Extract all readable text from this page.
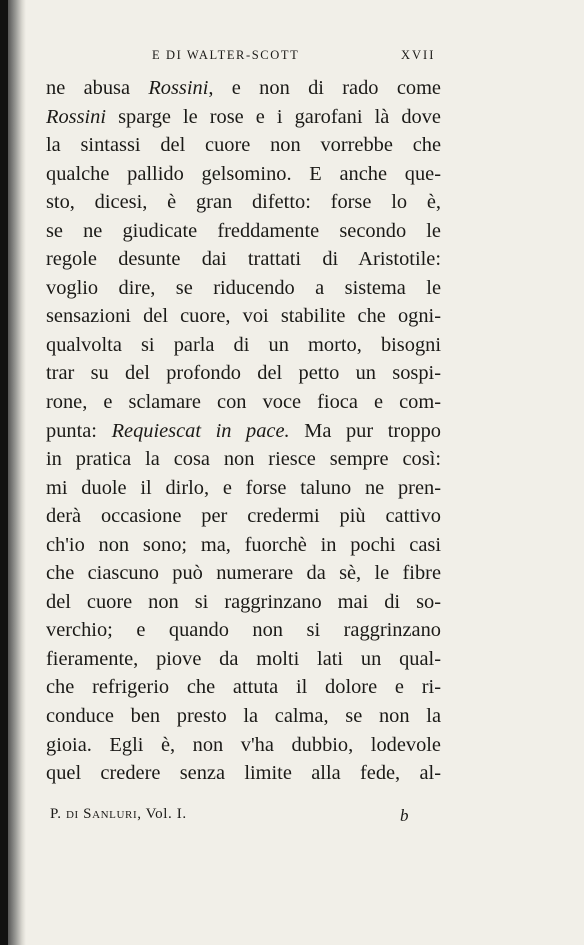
E DI WALTER-SCOTT	XVII
ne abusa Rossini, e non di rado come
Rossini sparge le rose e i garofani là dove
la sintassi del cuore non vorrebbe che
qualche pallido gelsomino. E anche que-
sto, dicesi, è gran difetto: forse lo è,
se ne giudicate freddamente secondo le
regole desunte dai trattati di Aristotile:
voglio dire, se riducendo a sistema le
sensazioni del cuore, voi stabilite che ogni-
qualvolta si parla di un morto, bisogni
trar su del profondo del petto un sospi-
rone, e sclamare con voce fioca e com-
punta: Requiescat in pace. Ma pur troppo
in pratica la cosa non riesce sempre così:
mi duole il dirlo, e forse taluno ne pren-
derà occasione per credermi più cattivo
ch'io non sono; ma, fuorchè in pochi casi
che ciascuno può numerare da sè, le fibre
del cuore non si raggrinzano mai di so-
verchio; e quando non si raggrinzano
fieramente, piove da molti lati un qual-
che refrigerio che attuta il dolore e ri-
conduce ben presto la calma, se non la
gioia. Egli è, non v'ha dubbio, lodevole
quel credere senza limite alla fede, al-
P. di Sanluri, Vol. I.	b
